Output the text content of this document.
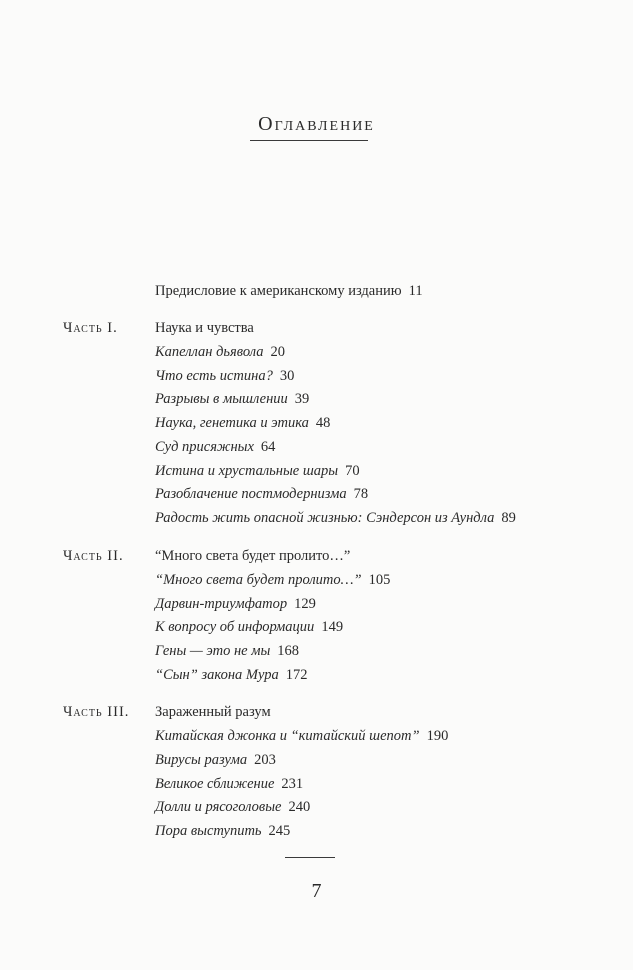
Оглавление
Предисловие к американскому изданию 11
Часть I.	Наука и чувства
Капеллан дьявола 20
Что есть истина? 30
Разрывы в мышлении 39
Наука, генетика и этика 48
Суд присяжных 64
Истина и хрустальные шары 70
Разоблачение постмодернизма 78
Радость жить опасной жизнью: Сэндерсон из Аундла 89
Часть II. “Много света будет пролито…”
“Много света будет пролито…” 105
Дарвин-триумфатор 129
К вопросу об информации 149
Гены — это не мы 168
“Сын” закона Мура 172
Часть III. Зараженный разум
Китайская джонка и “китайский шепот” 190
Вирусы разума 203
Великое сближение 231
Долли и рясоголовые 240
Пора выступить 245
7
